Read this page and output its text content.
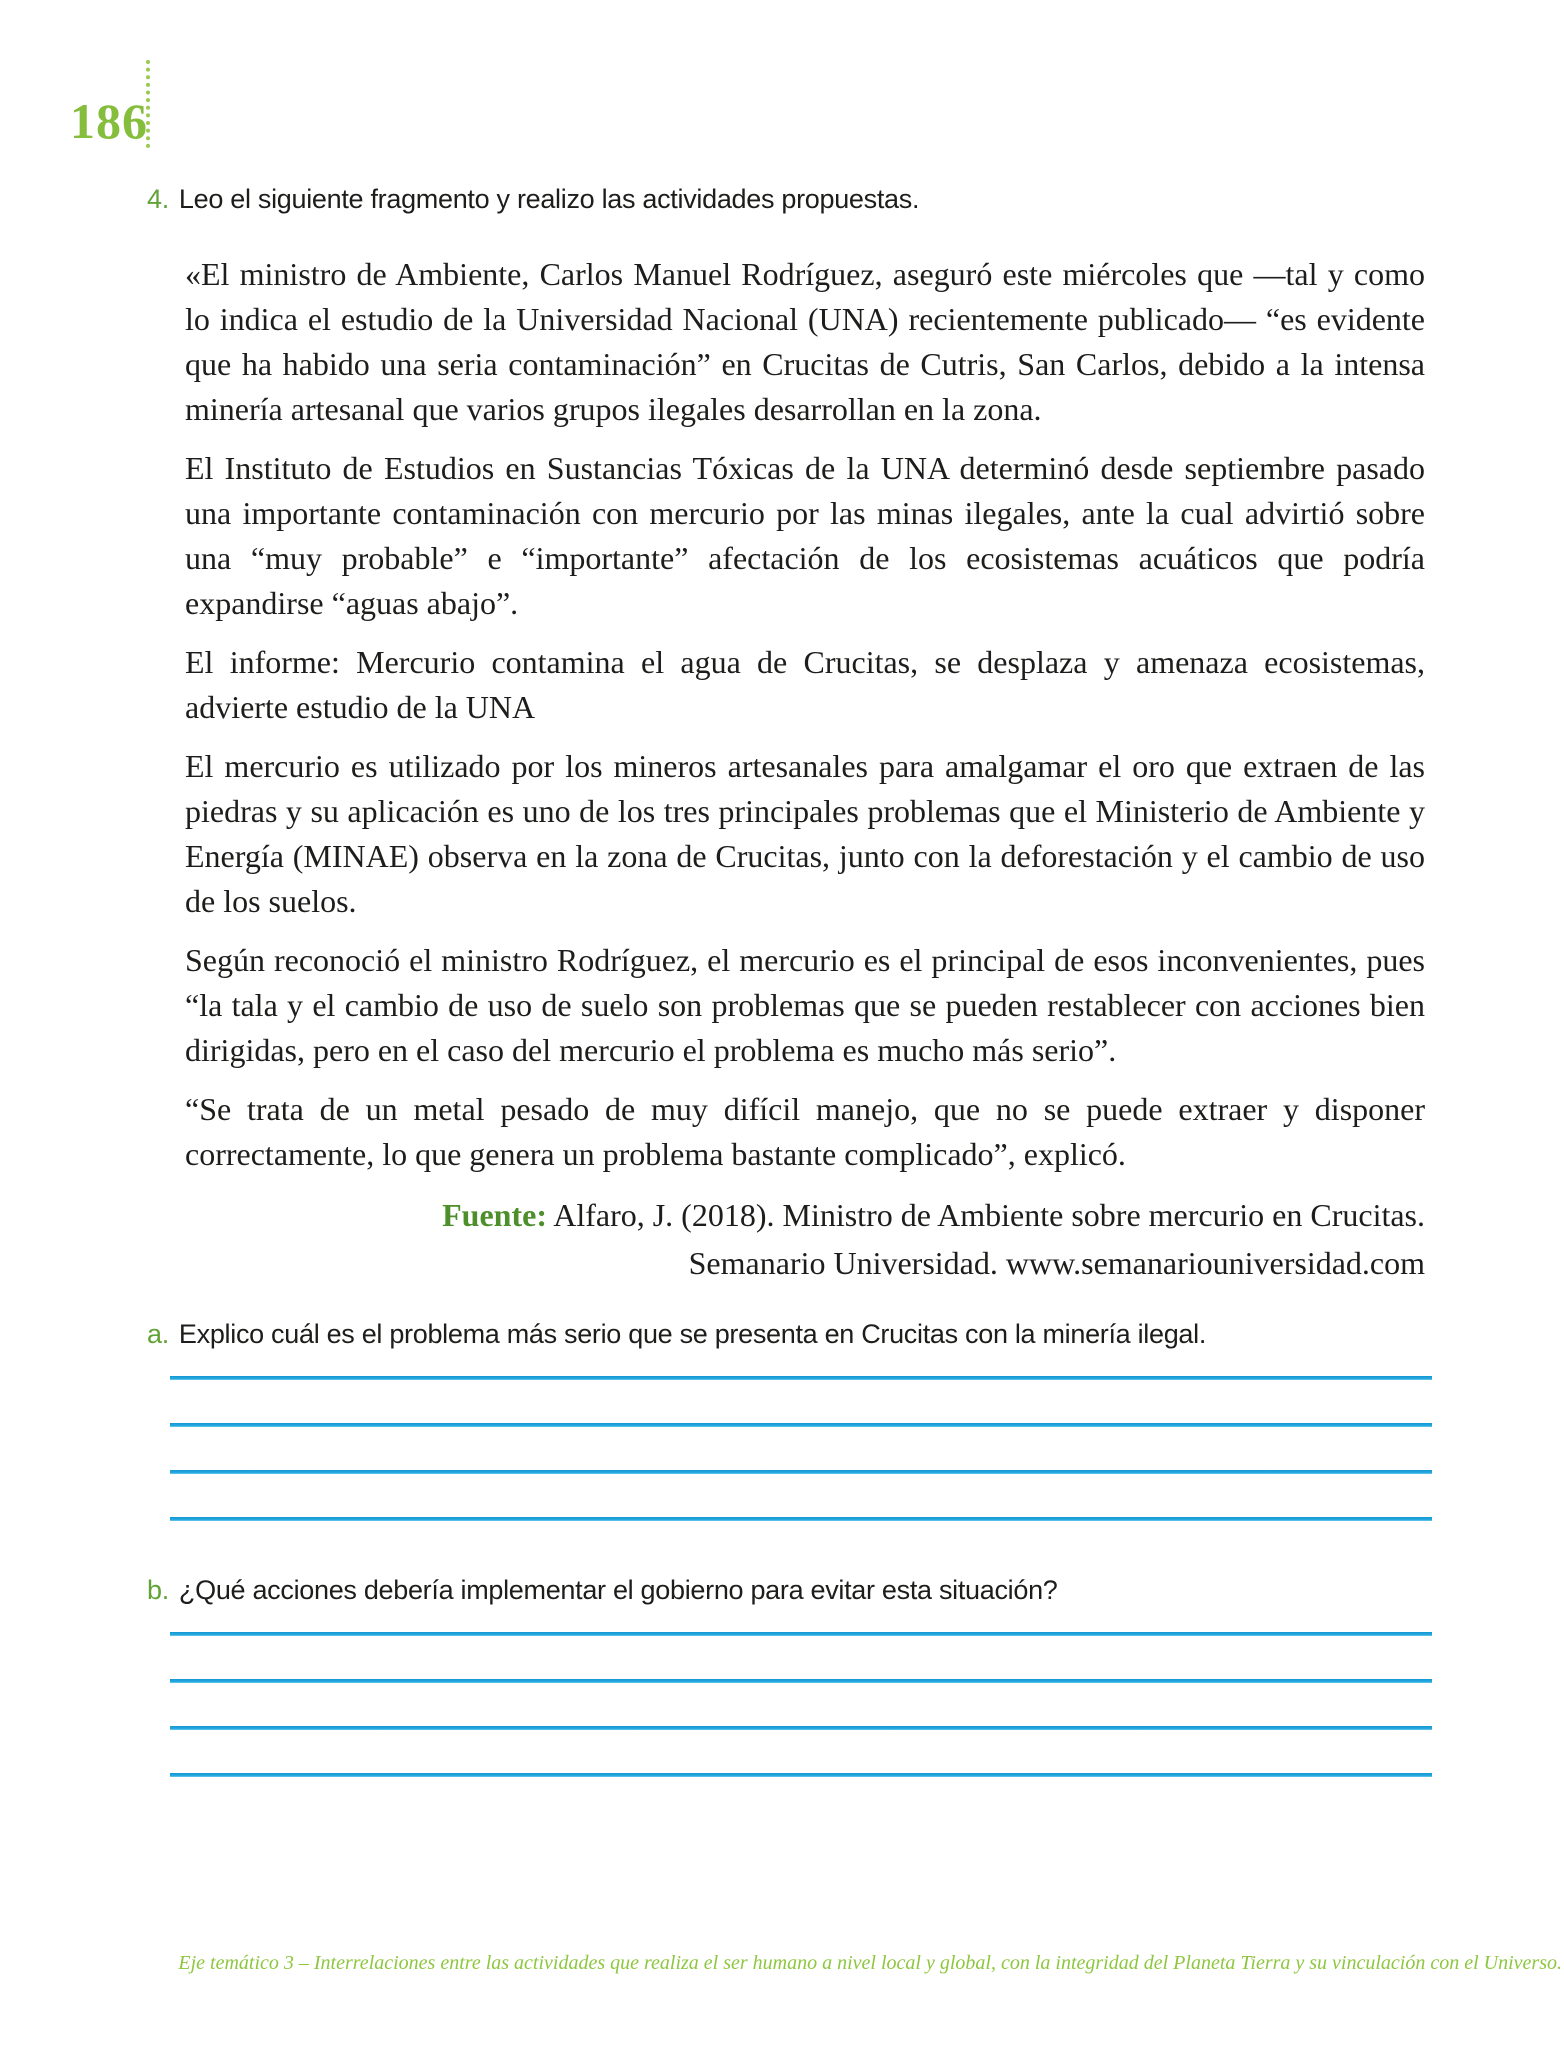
186
4. Leo el siguiente fragmento y realizo las actividades propuestas.

«El ministro de Ambiente, Carlos Manuel Rodríguez, aseguró este miércoles que —tal y como lo indica el estudio de la Universidad Nacional (UNA) recientemente publicado— “es evidente que ha habido una seria contaminación” en Crucitas de Cutris, San Carlos, debido a la intensa minería artesanal que varios grupos ilegales desarrollan en la zona.

El Instituto de Estudios en Sustancias Tóxicas de la UNA determinó desde septiembre pasado una importante contaminación con mercurio por las minas ilegales, ante la cual advirtió sobre una “muy probable” e “importante” afectación de los ecosistemas acuáticos que podría expandirse “aguas abajo”.

El informe: Mercurio contamina el agua de Crucitas, se desplaza y amenaza ecosistemas, advierte estudio de la UNA

El mercurio es utilizado por los mineros artesanales para amalgamar el oro que extraen de las piedras y su aplicación es uno de los tres principales problemas que el Ministerio de Ambiente y Energía (MINAE) observa en la zona de Crucitas, junto con la deforestación y el cambio de uso de los suelos.

Según reconoció el ministro Rodríguez, el mercurio es el principal de esos inconvenientes, pues “la tala y el cambio de uso de suelo son problemas que se pueden restablecer con acciones bien dirigidas, pero en el caso del mercurio el problema es mucho más serio”.

“Se trata de un metal pesado de muy difícil manejo, que no se puede extraer y disponer correctamente, lo que genera un problema bastante complicado”, explicó.

Fuente: Alfaro, J. (2018). Ministro de Ambiente sobre mercurio en Crucitas.
Semanario Universidad. www.semanariouniversidad.com
a. Explico cuál es el problema más serio que se presenta en Crucitas con la minería ilegal.
b. ¿Qué acciones debería implementar el gobierno para evitar esta situación?
Eje temático 3 – Interrelaciones entre las actividades que realiza el ser humano a nivel local y global, con la integridad del Planeta Tierra y su vinculación con el Universo.
